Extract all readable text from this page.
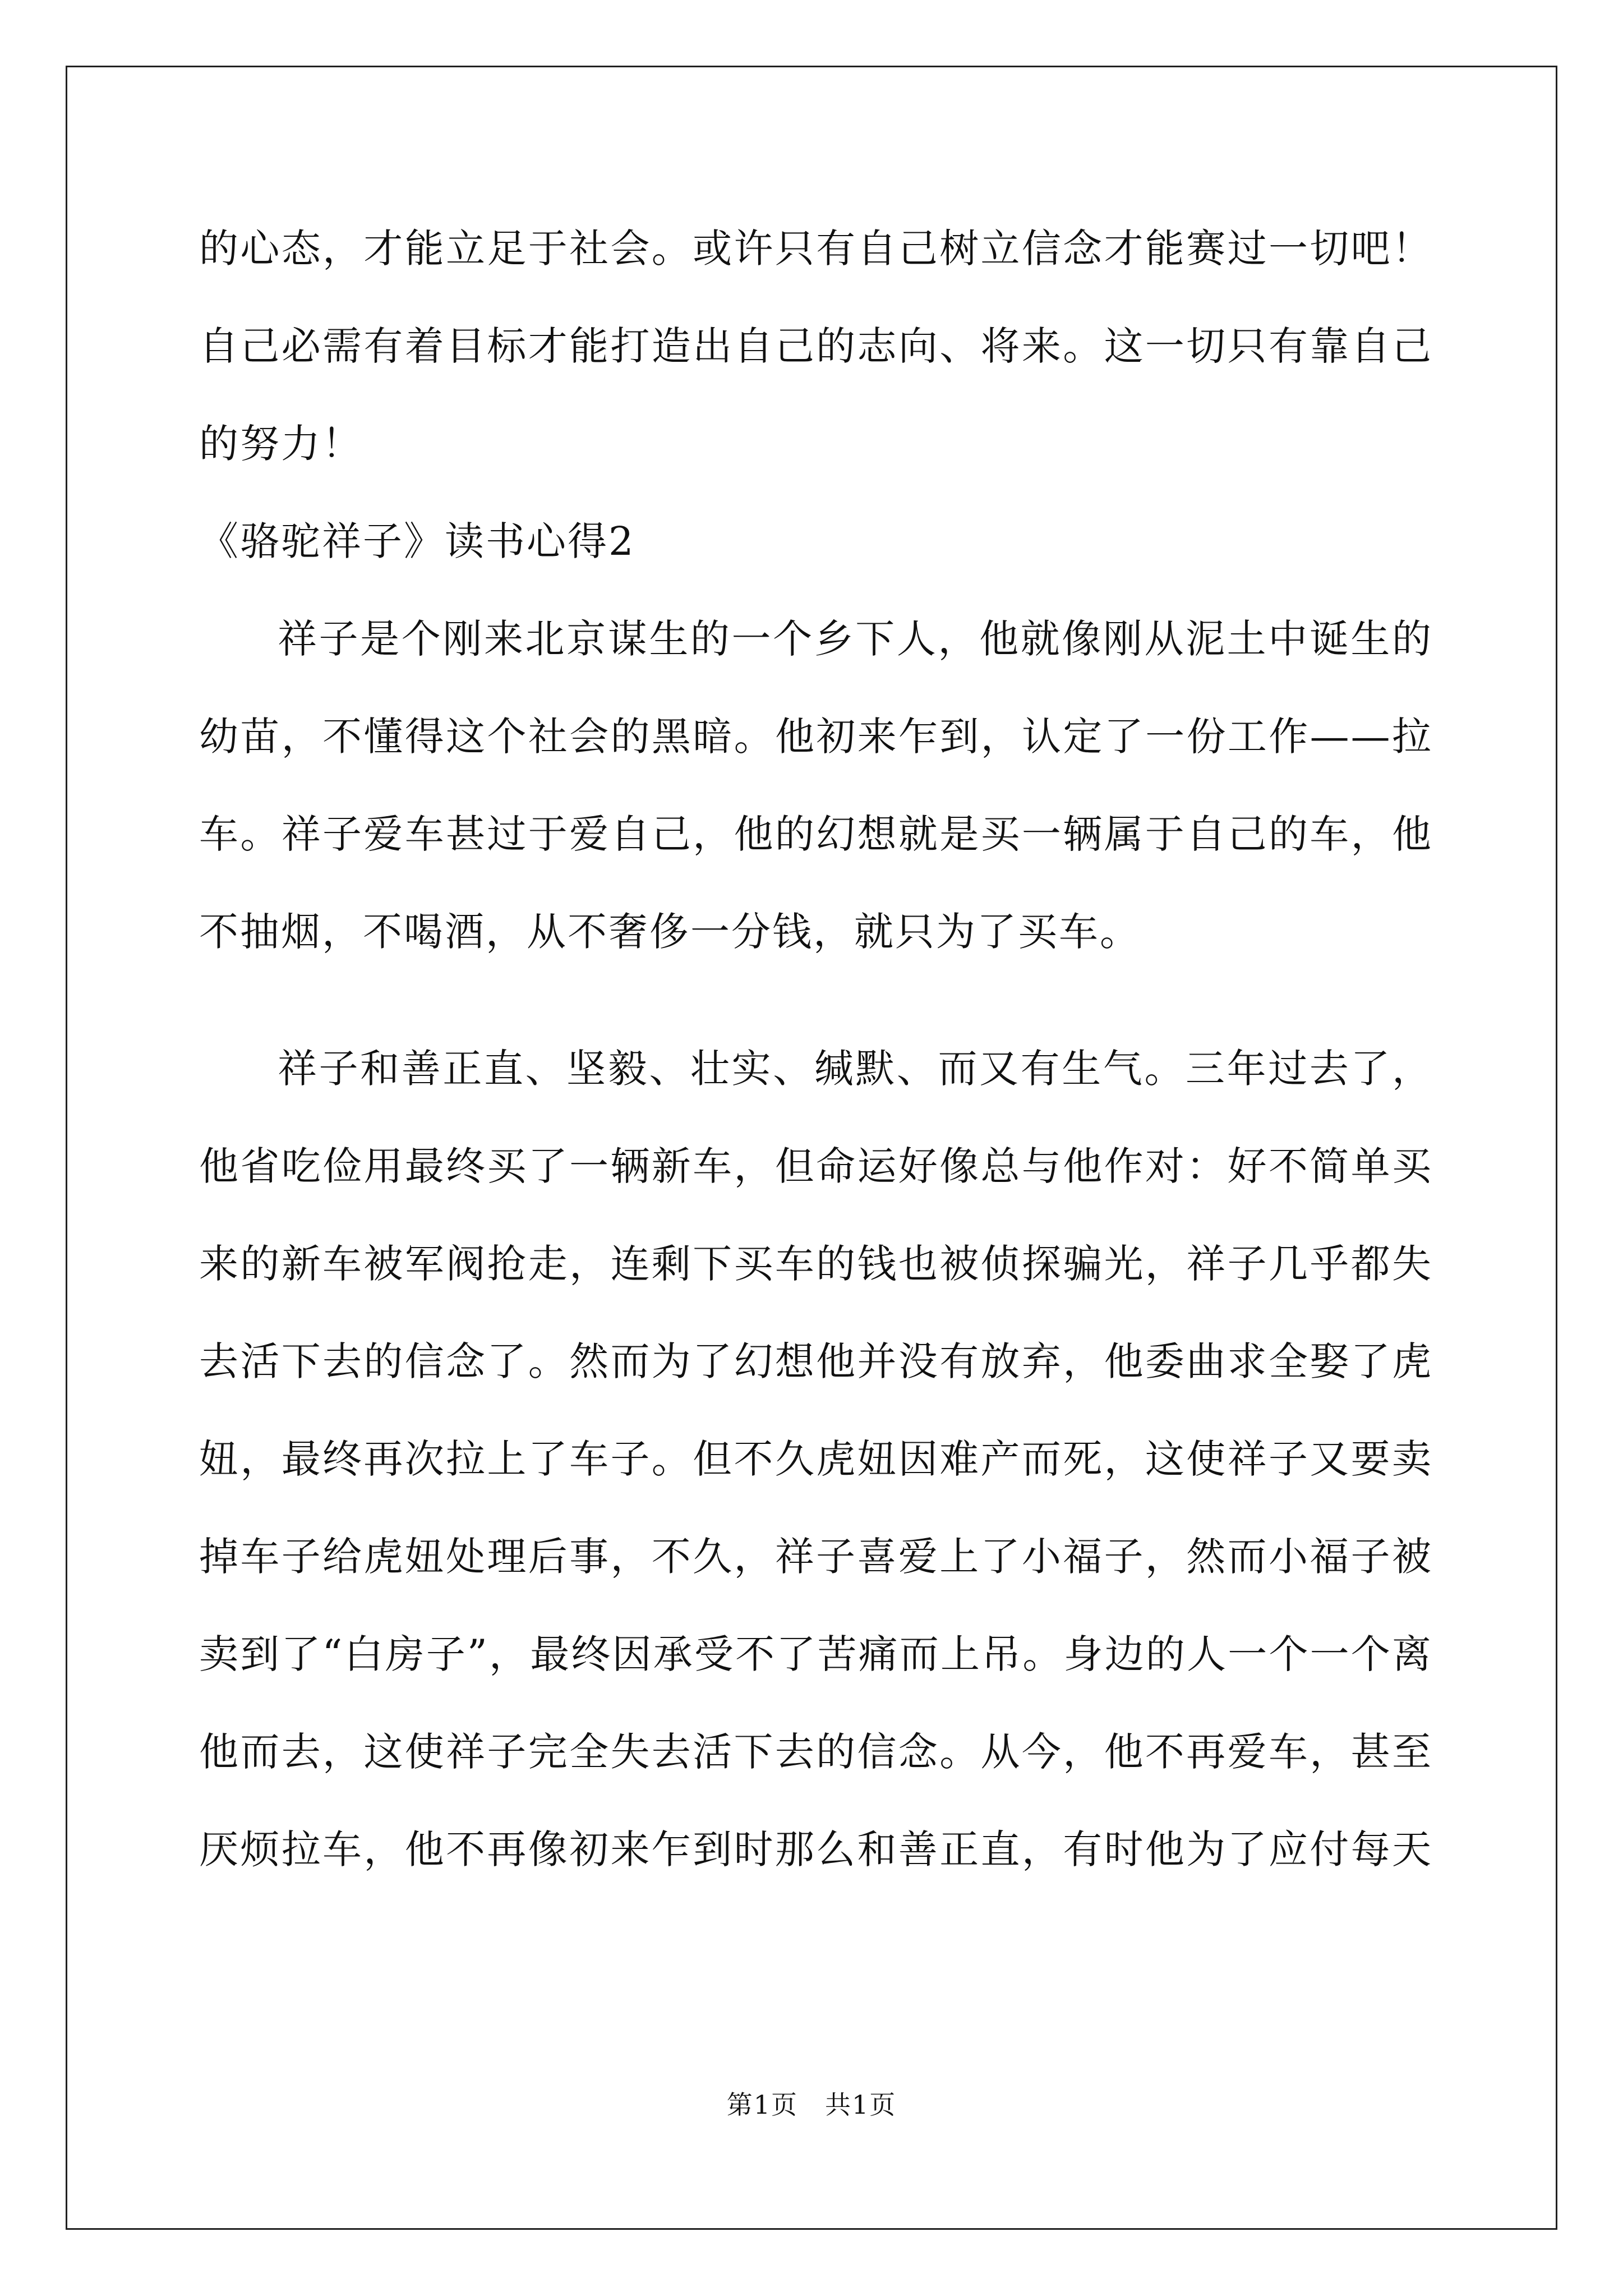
的心态，才能立足于社会。或许只有自己树立信念才能赛过一切吧！
自己必需有着目标才能打造出自己的志向、将来。这一切只有靠自己
的努力！
《骆驼祥子》读书心得2
祥子是个刚来北京谋生的一个乡下人，他就像刚从泥土中诞生的
幼苗，不懂得这个社会的黑暗。他初来乍到，认定了一份工作——拉
车。祥子爱车甚过于爱自己，他的幻想就是买一辆属于自己的车，他
不抽烟，不喝酒，从不奢侈一分钱，就只为了买车。
祥子和善正直、坚毅、壮实、缄默、而又有生气。三年过去了，
他省吃俭用最终买了一辆新车，但命运好像总与他作对：好不简单买
来的新车被军阀抢走，连剩下买车的钱也被侦探骗光，祥子几乎都失
去活下去的信念了。然而为了幻想他并没有放弃，他委曲求全娶了虎
妞，最终再次拉上了车子。但不久虎妞因难产而死，这使祥子又要卖
掉车子给虎妞处理后事，不久，祥子喜爱上了小福子，然而小福子被
卖到了“白房子”，最终因承受不了苦痛而上吊。身边的人一个一个离
他而去，这使祥子完全失去活下去的信念。从今，他不再爱车，甚至
厌烦拉车，他不再像初来乍到时那么和善正直，有时他为了应付每天
第1页　共1页
